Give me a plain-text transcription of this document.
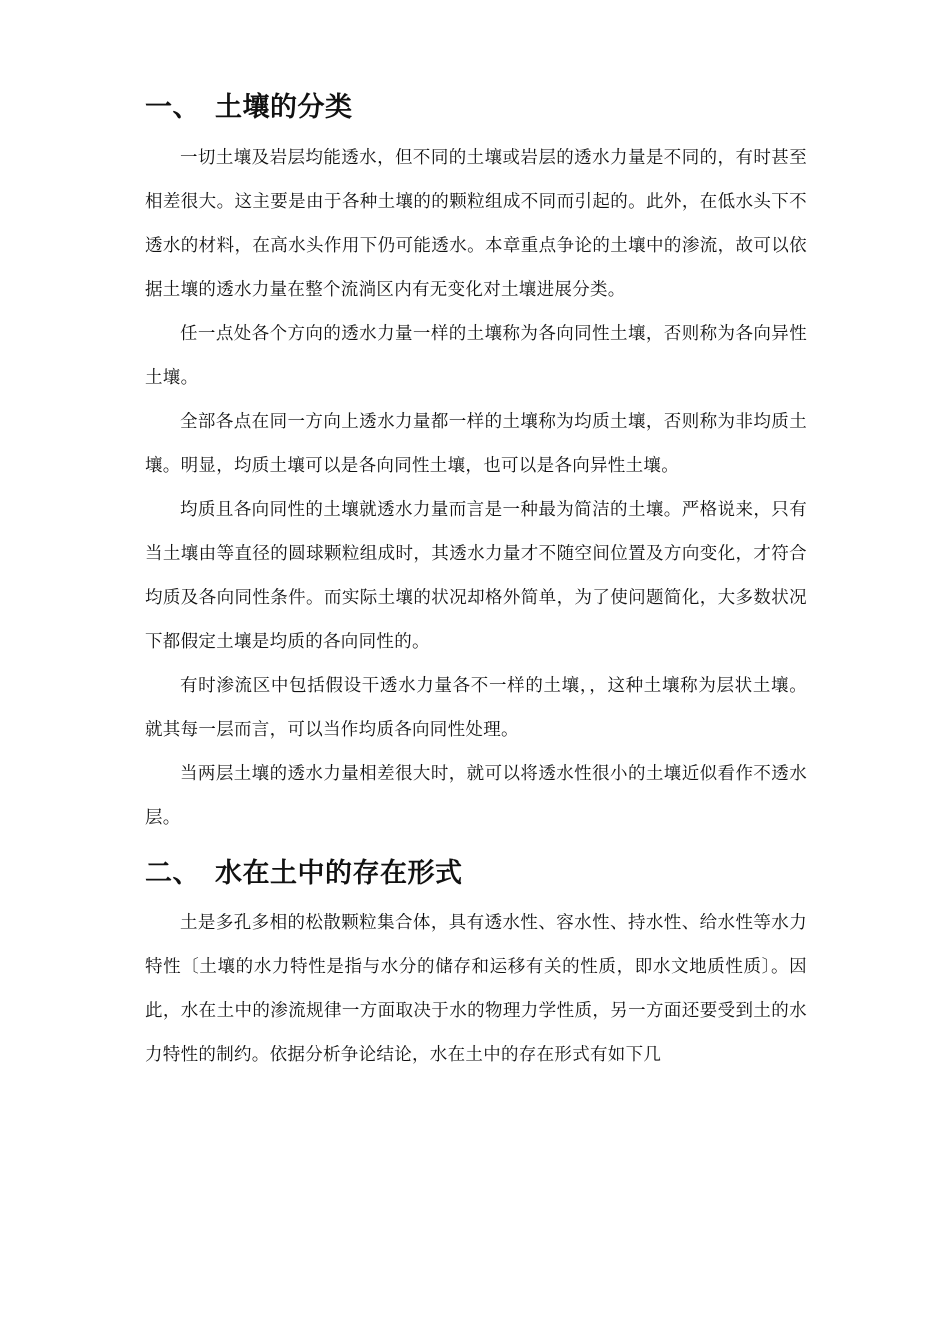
一、 土壤的分类

一切土壤及岩层均能透水，但不同的土壤或岩层的透水力量是不同的，有时甚至相差很大。这主要是由于各种土壤的的颗粒组成不同而引起的。此外，在低水头下不透水的材料，在高水头作用下仍可能透水。本章重点争论的土壤中的渗流，故可以依据土壤的透水力量在整个流淌区内有无变化对土壤进展分类。

任一点处各个方向的透水力量一样的土壤称为各向同性土壤，否则称为各向异性土壤。

全部各点在同一方向上透水力量都一样的土壤称为均质土壤，否则称为非均质土壤。明显，均质土壤可以是各向同性土壤，也可以是各向异性土壤。

均质且各向同性的土壤就透水力量而言是一种最为简洁的土壤。严格说来，只有当土壤由等直径的圆球颗粒组成时，其透水力量才不随空间位置及方向变化，才符合均质及各向同性条件。而实际土壤的状况却格外简单，为了使问题简化，大多数状况下都假定土壤是均质的各向同性的。

有时渗流区中包括假设干透水力量各不一样的土壤，，这种土壤称为层状土壤。就其每一层而言，可以当作均质各向同性处理。

当两层土壤的透水力量相差很大时，就可以将透水性很小的土壤近似看作不透水层。

二、 水在土中的存在形式

土是多孔多相的松散颗粒集合体，具有透水性、容水性、持水性、给水性等水力特性〔土壤的水力特性是指与水分的储存和运移有关的性质，即水文地质性质〕。因此，水在土中的渗流规律一方面取决于水的物理力学性质，另一方面还要受到土的水力特性的制约。依据分析争论结论，水在土中的存在形式有如下几
